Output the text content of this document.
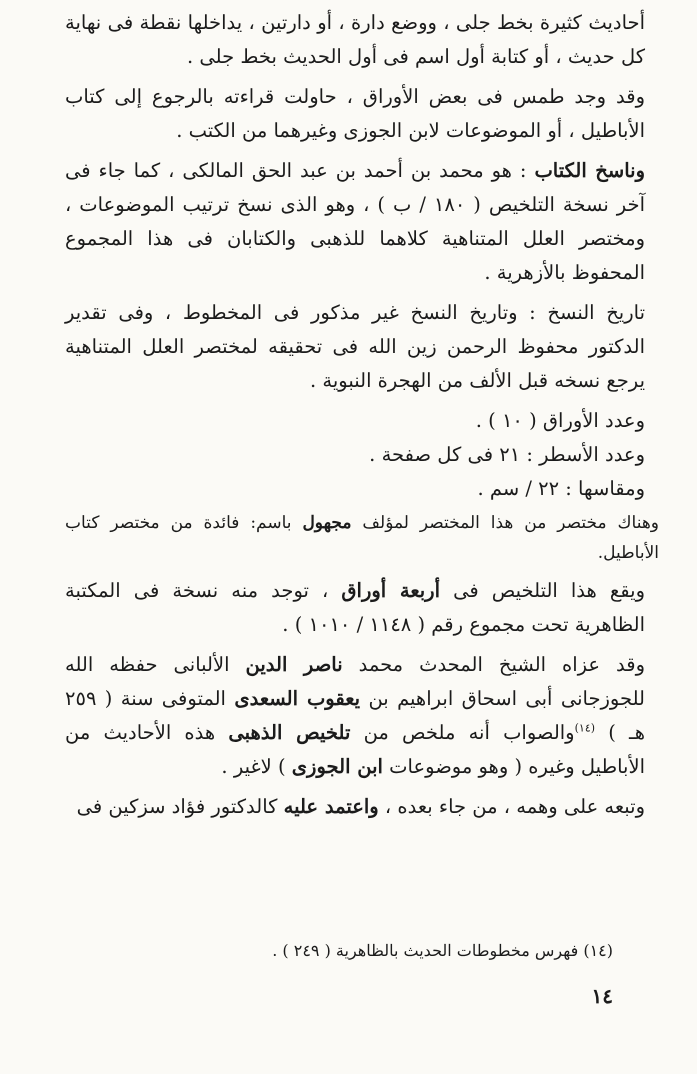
أحاديث كثيرة بخط جلى ، ووضع دارة ، أو دارتين ، يداخلها نقطة فى نهاية كل حديث ، أو كتابة أول اسم فى أول الحديث بخط جلى .

وقد وجد طمس فى بعض الأوراق ، حاولت قراءته بالرجوع إلى كتاب الأباطيل ، أو الموضوعات لابن الجوزى وغيرهما من الكتب .

وناسخ الكتاب : هو محمد بن أحمد بن عبد الحق المالكى ، كما جاء فى آخر نسخة التلخيص ( ١٨٠ / ب ) ، وهو الذى نسخ ترتيب الموضوعات ، ومختصر العلل المتناهية كلاهما للذهبى والكتابان فى هذا المجموع المحفوظ بالأزهرية .

تاريخ النسخ : وتاريخ النسخ غير مذكور فى المخطوط ، وفى تقدير الدكتور محفوظ الرحمن زين الله فى تحقيقه لمختصر العلل المتناهية يرجع نسخه قبل الألف من الهجرة النبوية .

وعدد الأوراق ( ١٠ ) .

وعدد الأسطر : ٢١ فى كل صفحة .

ومقاسها : ٢٢ / سم .

وهناك مختصر من هذا المختصر لمؤلف مجهول باسم: فائدة من مختصر كتاب الأباطيل.

ويقع هذا التلخيص فى أربعة أوراق ، توجد منه نسخة فى المكتبة الظاهرية تحت مجموع رقم ( ١١٤٨ / ١٠١٠ ) .

وقد عزاه الشيخ المحدث محمد ناصر الدين الألبانى حفظه الله للجوزجانى أبى اسحاق ابراهيم بن يعقوب السعدى المتوفى سنة ( ٢٥٩ هـ ) $^{(١٤)}$والصواب أنه ملخص من تلخيص الذهبى هذه الأحاديث من الأباطيل وغيره ( وهو موضوعات ابن الجوزى ) لاغير .

وتبعه على وهمه ، من جاء بعده ، واعتمد عليه كالدكتور فؤاد سزكين فى

(١٤) فهرس مخطوطات الحديث بالظاهرية ( ٢٤٩ ) .
١٤
